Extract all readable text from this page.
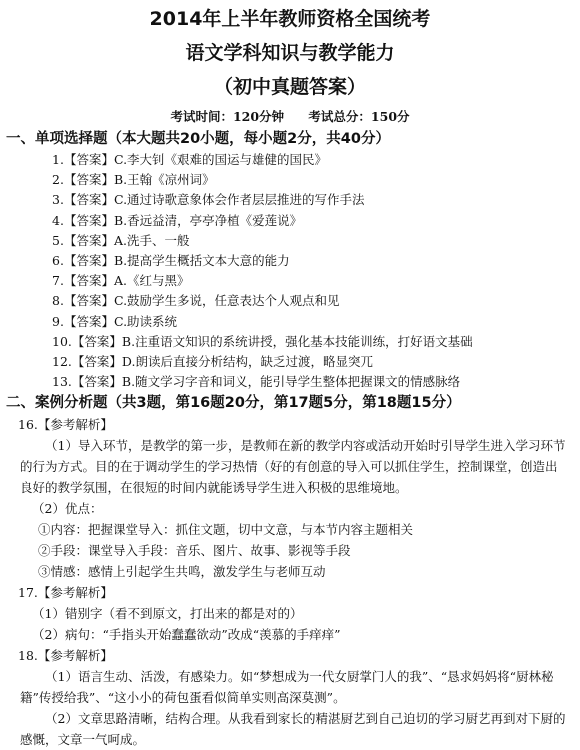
2014年上半年教师资格全国统考
语文学科知识与教学能力
（初中真题答案）
考试时间：120分钟 考试总分：150分
一、单项选择题（本大题共20小题，每小题2分，共40分）
1.【答案】C.李大钊《艰难的国运与雄健的国民》
2.【答案】B.王翰《凉州词》
3.【答案】C.通过诗歌意象体会作者层层推进的写作手法
4.【答案】B.香远益清，亭亭净植《爱莲说》
5.【答案】A.洗手、一般
6.【答案】B.提高学生概括文本大意的能力
7.【答案】A.《红与黑》
8.【答案】C.鼓励学生多说，任意表达个人观点和见
9.【答案】C.助读系统
10.【答案】B.注重语文知识的系统讲授，强化基本技能训练，打好语文基础
12.【答案】D.朗读后直接分析结构，缺乏过渡，略显突兀
13.【答案】B.随文学习字音和词义，能引导学生整体把握课文的情感脉络
二、案例分析题（共3题，第16题20分，第17题5分，第18题15分）
16.【参考解析】
（1）导入环节，是教学的第一步，是教师在新的教学内容或活动开始时引导学生进入学习环节的行为方式。目的在于调动学生的学习热情（好的有创意的导入可以抓住学生，控制课堂，创造出良好的教学氛围，在很短的时间内就能诱导学生进入积极的思维境地。
（2）优点：
①内容：把握课堂导入：抓住文题，切中文意，与本节内容主题相关
②手段：课堂导入手段：音乐、图片、故事、影视等手段
③情感：感情上引起学生共鸣，激发学生与老师互动
17.【参考解析】
（1）错别字（看不到原文，打出来的都是对的）
（2）病句：“手指头开始蠢蠢欲动”改成“羡慕的手痒痒”
18.【参考解析】
（1）语言生动、活泼，有感染力。如“梦想成为一代女厨掌门人的我”、“恳求妈妈将“厨林秘籍”传授给我”、“这小小的荷包蛋看似简单实则高深莫测”。
（2）文章思路清晰，结构合理。从我看到家长的精湛厨艺到自己迫切的学习厨艺再到对下厨的感慨，文章一气呵成。
